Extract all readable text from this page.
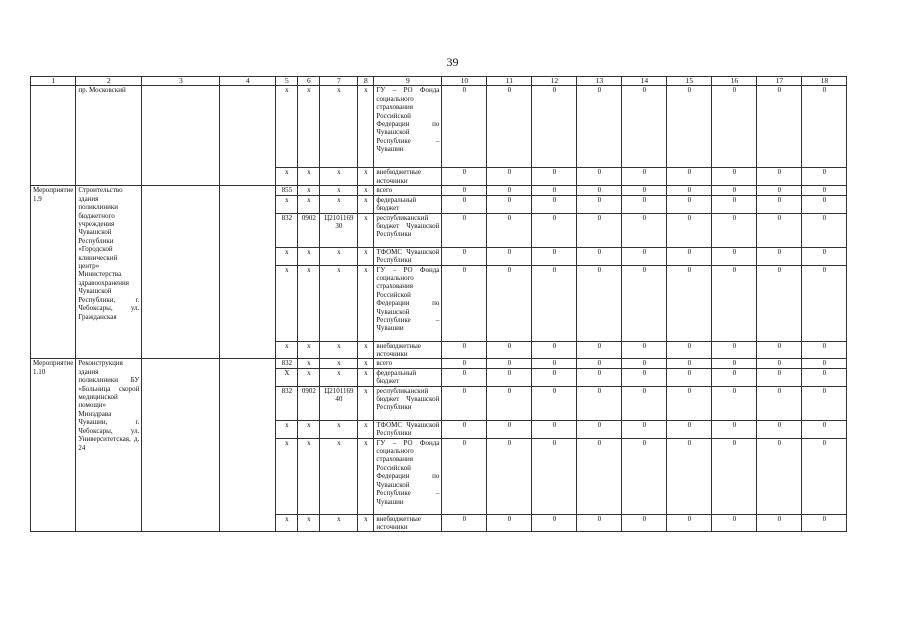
39
1	2	3	4	5	6	7	8	9	10	11	12	13	14	15	16	17	18
	пр. Московский			х	х	х	х	ГУ – РО Фонда социального страхования Российской Федерации по Чувашской Республике – Чувашии	0	0	0	0	0	0	0	0	0
				х	х	х	х	внебюджетные источники	0	0	0	0	0	0	0	0	0
Мероприятие 1.9	Строительство здания поликлиники бюджетного учреждения Чувашской Республики «Городской клинический центр» Министерства здравоохранения Чувашской Республики, г. Чебоксары, ул. Гражданская			855	х	х	х	всего	0	0	0	0	0	0	0	0	0
				х	х	х	х	федеральный бюджет	0	0	0	0	0	0	0	0	0
				832	0902	Ц2101169 30	х	республиканский бюджет Чувашской Республики	0	0	0	0	0	0	0	0	0
				х	х	х	х	ТФОМС Чувашской Республики	0	0	0	0	0	0	0	0	0
				х	х	х	х	ГУ – РО Фонда социального страхования Российской Федерации по Чувашской Республике – Чувашии	0	0	0	0	0	0	0	0	0
				х	х	х	х	внебюджетные источники	0	0	0	0	0	0	0	0	0
Мероприятие 1.10	Реконструкция здания поликлиники БУ «Больница скорой медицинской помощи» Минздрава Чувашии, г. Чебоксары, ул. Университетская, д. 24			832	х	х	х	всего	0	0	0	0	0	0	0	0	0
				Х	х	х	х	федеральный бюджет	0	0	0	0	0	0	0	0	0
				832	0902	Ц2101169 40	х	республиканский бюджет Чувашской Республики	0	0	0	0	0	0	0	0	0
				х	х	х	х	ТФОМС Чувашской Республики	0	0	0	0	0	0	0	0	0
				х	х	х	х	ГУ – РО Фонда социального страхования Российской Федерации по Чувашской Республике – Чувашии	0	0	0	0	0	0	0	0	0
				х	х	х	х	внебюджетные источники	0	0	0	0	0	0	0	0	0
